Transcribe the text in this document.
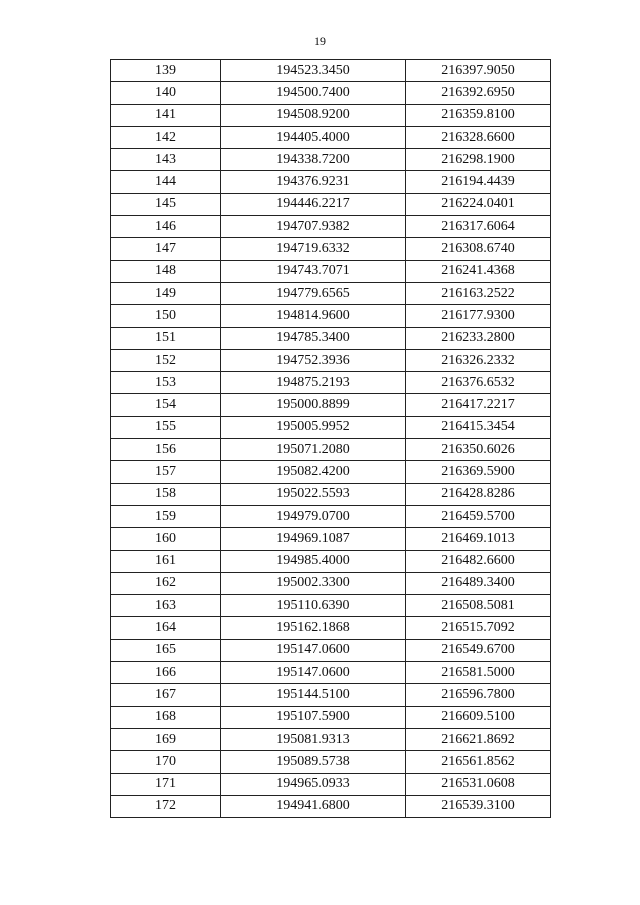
19
139	194523.3450	216397.9050
140	194500.7400	216392.6950
141	194508.9200	216359.8100
142	194405.4000	216328.6600
143	194338.7200	216298.1900
144	194376.9231	216194.4439
145	194446.2217	216224.0401
146	194707.9382	216317.6064
147	194719.6332	216308.6740
148	194743.7071	216241.4368
149	194779.6565	216163.2522
150	194814.9600	216177.9300
151	194785.3400	216233.2800
152	194752.3936	216326.2332
153	194875.2193	216376.6532
154	195000.8899	216417.2217
155	195005.9952	216415.3454
156	195071.2080	216350.6026
157	195082.4200	216369.5900
158	195022.5593	216428.8286
159	194979.0700	216459.5700
160	194969.1087	216469.1013
161	194985.4000	216482.6600
162	195002.3300	216489.3400
163	195110.6390	216508.5081
164	195162.1868	216515.7092
165	195147.0600	216549.6700
166	195147.0600	216581.5000
167	195144.5100	216596.7800
168	195107.5900	216609.5100
169	195081.9313	216621.8692
170	195089.5738	216561.8562
171	194965.0933	216531.0608
172	194941.6800	216539.3100
